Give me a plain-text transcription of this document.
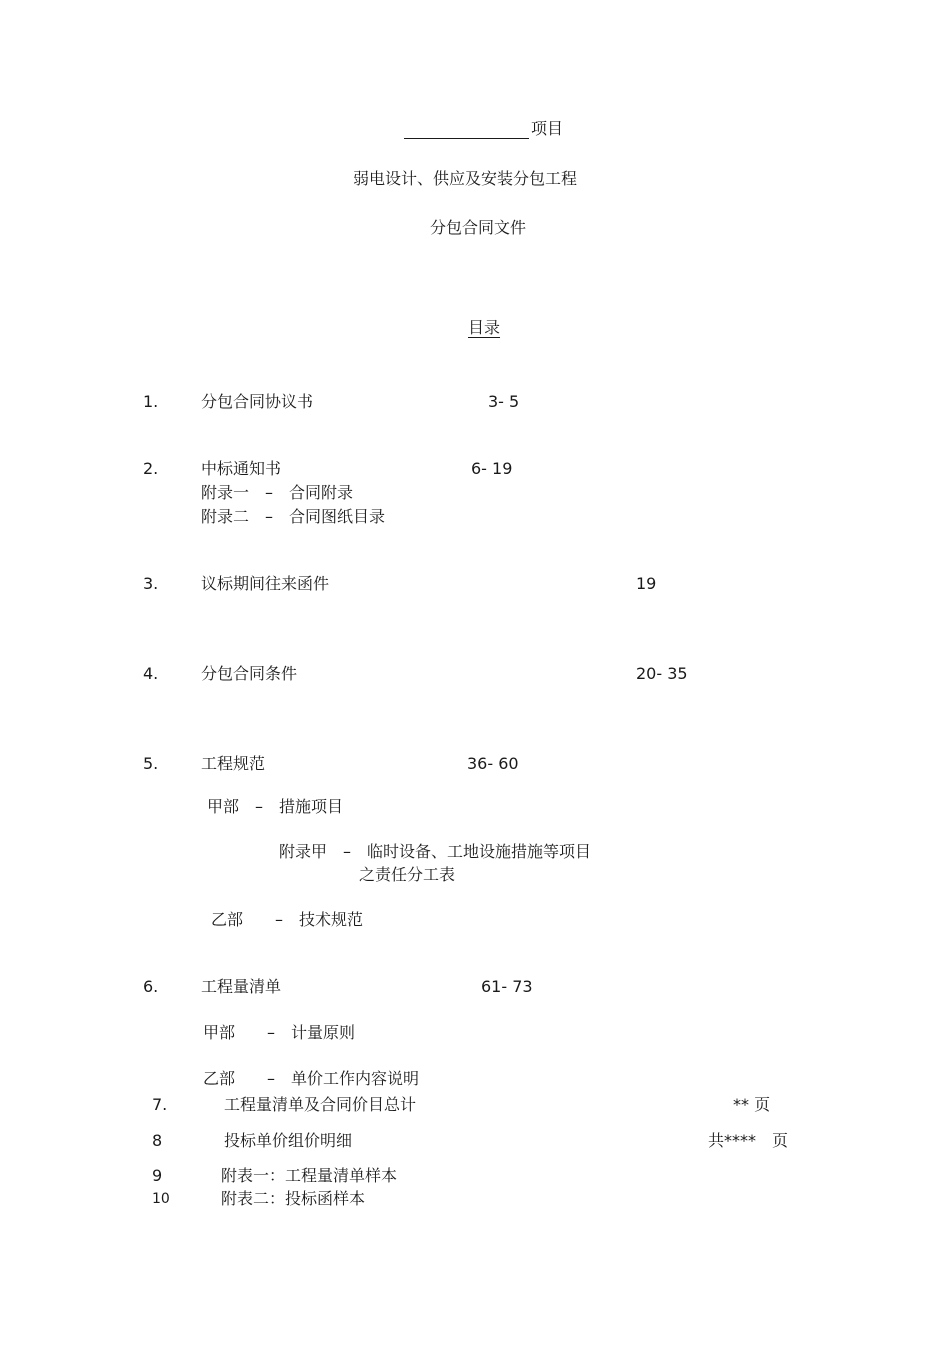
项目
弱电设计、供应及安装分包工程
分包合同文件
目录
1.	分包合同协议书	3- 5
2.	中标通知书	6- 19
附录一　–　合同附录
附录二　–　合同图纸目录
3.	议标期间往来函件	19
4.	分包合同条件	20- 35
5.	工程规范	36- 60
甲部　–　措施项目
附录甲　–　临时设备、工地设施措施等项目
之责任分工表
乙部　　–　技术规范
6.	工程量清单	61- 73
甲部　　–　计量原则
乙部　　–　单价工作内容说明
7.	工程量清单及合同价目总计	** 页
8	投标单价组价明细	共****　页
9	附表一：工程量清单样本
10	附表二：投标函样本
